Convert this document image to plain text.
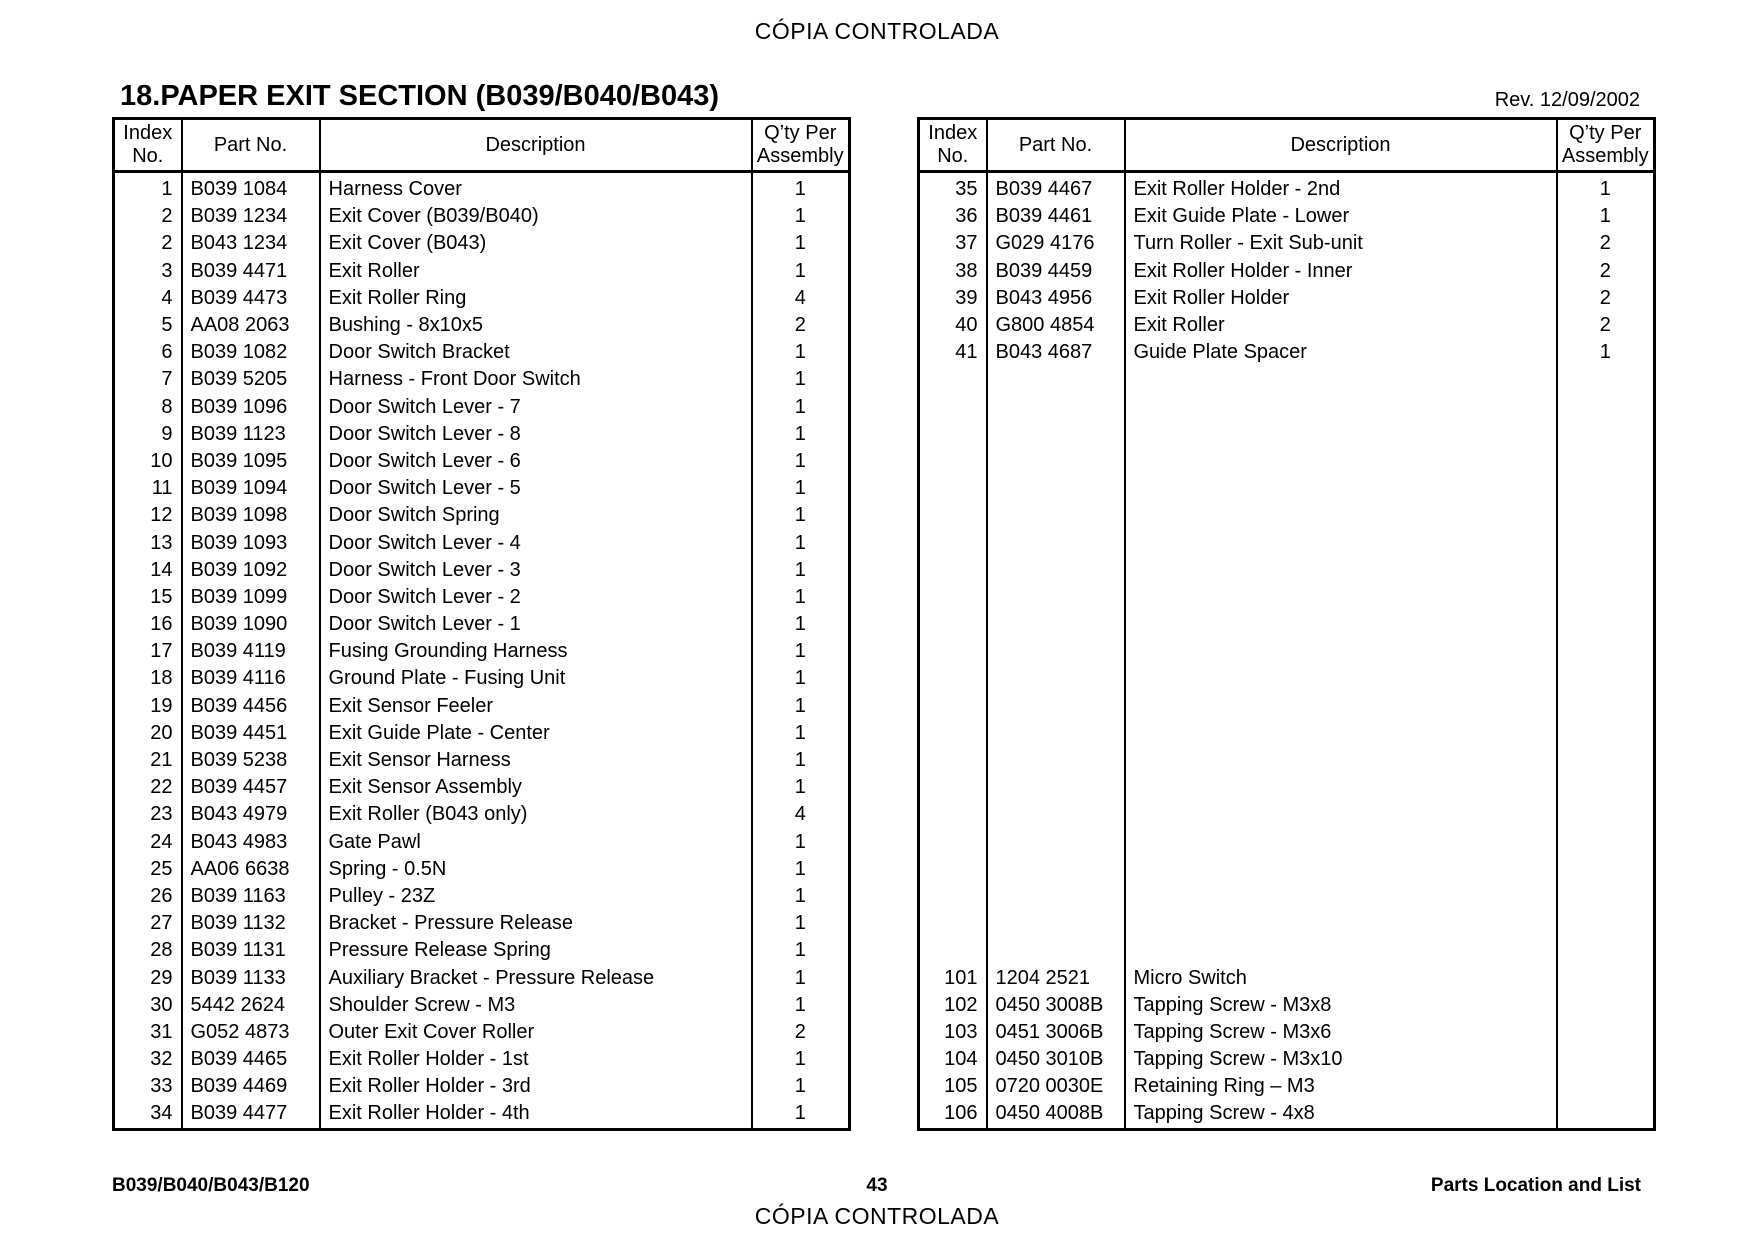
CÓPIA CONTROLADA
18.PAPER EXIT SECTION (B039/B040/B043)	Rev. 12/09/2002
Index
No.	Part No.	Description	Q’ty Per
Assembly
1	B039 1084	Harness Cover	1
2	B039 1234	Exit Cover (B039/B040)	1
2	B043 1234	Exit Cover (B043)	1
3	B039 4471	Exit Roller	1
4	B039 4473	Exit Roller Ring	4
5	AA08 2063	Bushing - 8x10x5	2
6	B039 1082	Door Switch Bracket	1
7	B039 5205	Harness - Front Door Switch	1
8	B039 1096	Door Switch Lever - 7	1
9	B039 1123	Door Switch Lever - 8	1
10	B039 1095	Door Switch Lever - 6	1
11	B039 1094	Door Switch Lever - 5	1
12	B039 1098	Door Switch Spring	1
13	B039 1093	Door Switch Lever - 4	1
14	B039 1092	Door Switch Lever - 3	1
15	B039 1099	Door Switch Lever - 2	1
16	B039 1090	Door Switch Lever - 1	1
17	B039 4119	Fusing Grounding Harness	1
18	B039 4116	Ground Plate - Fusing Unit	1
19	B039 4456	Exit Sensor Feeler	1
20	B039 4451	Exit Guide Plate - Center	1
21	B039 5238	Exit Sensor Harness	1
22	B039 4457	Exit Sensor Assembly	1
23	B043 4979	Exit Roller (B043 only)	4
24	B043 4983	Gate Pawl	1
25	AA06 6638	Spring - 0.5N	1
26	B039 1163	Pulley - 23Z	1
27	B039 1132	Bracket - Pressure Release	1
28	B039 1131	Pressure Release Spring	1
29	B039 1133	Auxiliary Bracket - Pressure Release	1
30	5442 2624	Shoulder Screw - M3	1
31	G052 4873	Outer Exit Cover Roller	2
32	B039 4465	Exit Roller Holder - 1st	1
33	B039 4469	Exit Roller Holder - 3rd	1
34	B039 4477	Exit Roller Holder - 4th	1
Index
No.	Part No.	Description	Q’ty Per
Assembly
35	B039 4467	Exit Roller Holder - 2nd	1
36	B039 4461	Exit Guide Plate - Lower	1
37	G029 4176	Turn Roller - Exit Sub-unit	2
38	B039 4459	Exit Roller Holder - Inner	2
39	B043 4956	Exit Roller Holder	2
40	G800 4854	Exit Roller	2
41	B043 4687	Guide Plate Spacer	1

101	1204 2521	Micro Switch	
102	0450 3008B	Tapping Screw - M3x8	
103	0451 3006B	Tapping Screw - M3x6	
104	0450 3010B	Tapping Screw - M3x10	
105	0720 0030E	Retaining Ring – M3	
106	0450 4008B	Tapping Screw - 4x8	
B039/B040/B043/B120	43	Parts Location and List
CÓPIA CONTROLADA
